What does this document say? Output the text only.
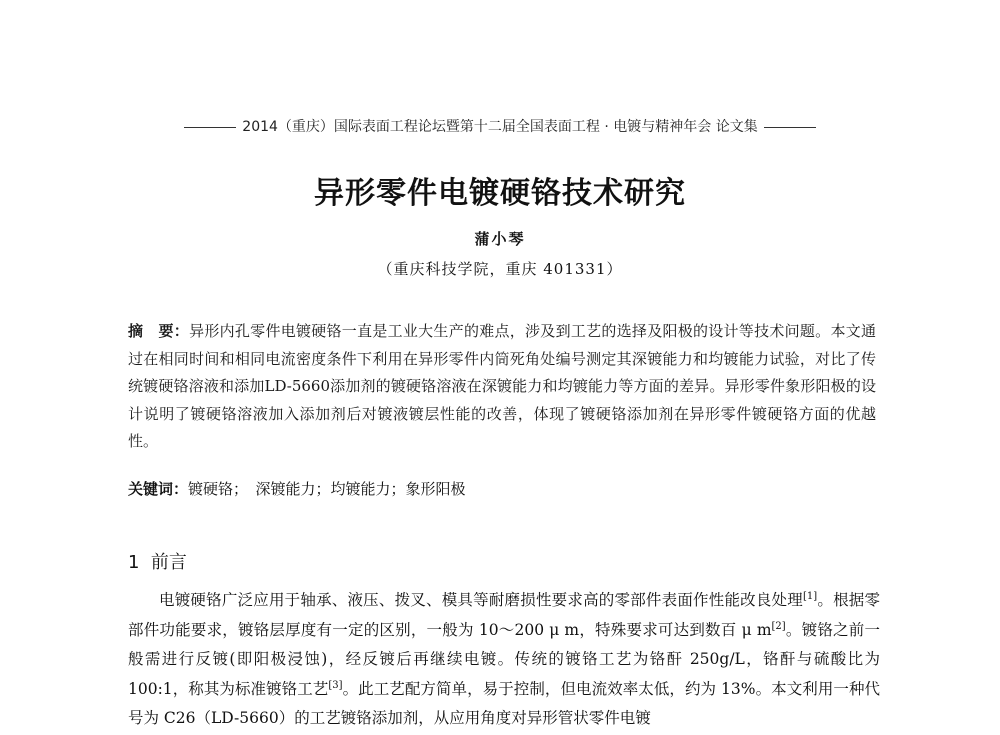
2014（重庆）国际表面工程论坛暨第十二届全国表面工程 · 电镀与精神年会 论文集
异形零件电镀硬铬技术研究
蒲小琴
（重庆科技学院，重庆 401331）
摘　要：异形内孔零件电镀硬铬一直是工业大生产的难点，涉及到工艺的选择及阳极的设计等技术问题。本文通过在相同时间和相同电流密度条件下利用在异形零件内筒死角处编号测定其深镀能力和均镀能力试验，对比了传统镀硬铬溶液和添加LD-5660添加剂的镀硬铬溶液在深镀能力和均镀能力等方面的差异。异形零件象形阳极的设计说明了镀硬铬溶液加入添加剂后对镀液镀层性能的改善，体现了镀硬铬添加剂在异形零件镀硬铬方面的优越性。
关键词：镀硬铬；　深镀能力；均镀能力；象形阳极
1 前言
电镀硬铬广泛应用于轴承、液压、拨叉、模具等耐磨损性要求高的零部件表面作性能改良处理[1]。根据零部件功能要求，镀铬层厚度有一定的区别，一般为 10～200 μ m，特殊要求可达到数百 μ m[2]。镀铬之前一般需进行反镀(即阳极浸蚀)，经反镀后再继续电镀。传统的镀铬工艺为铬酐 250g/L，铬酐与硫酸比为 100:1，称其为标准镀铬工艺[3]。此工艺配方简单，易于控制，但电流效率太低，约为 13%。本文利用一种代号为 C26（LD-5660）的工艺镀铬添加剂，从应用角度对异形管状零件电镀
